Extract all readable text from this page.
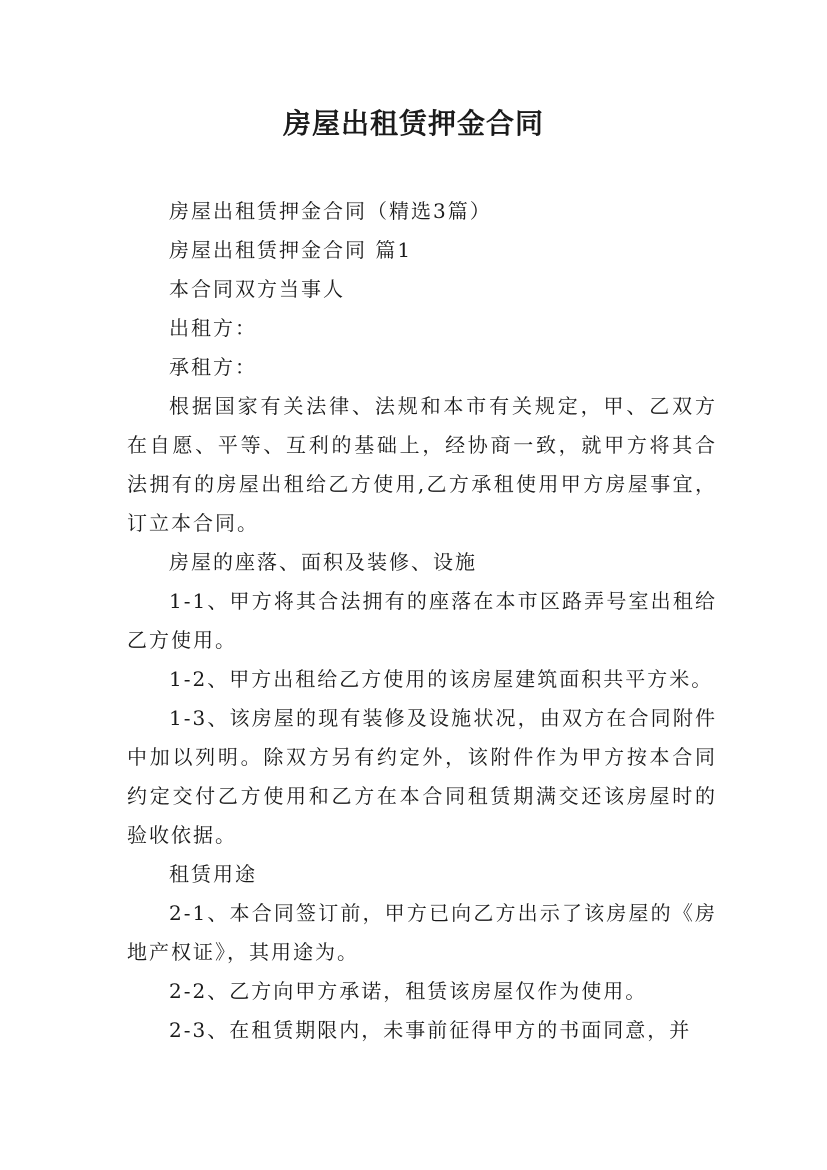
房屋出租赁押金合同

房屋出租赁押金合同（精选3篇）

房屋出租赁押金合同 篇1

本合同双方当事人

出租方：

承租方：

根据国家有关法律、法规和本市有关规定，甲、乙双方在自愿、平等、互利的基础上，经协商一致，就甲方将其合法拥有的房屋出租给乙方使用,乙方承租使用甲方房屋事宜，订立本合同。

房屋的座落、面积及装修、设施

1-1、甲方将其合法拥有的座落在本市区路弄号室出租给乙方使用。

1-2、甲方出租给乙方使用的该房屋建筑面积共平方米。

1-3、该房屋的现有装修及设施状况，由双方在合同附件中加以列明。除双方另有约定外，该附件作为甲方按本合同约定交付乙方使用和乙方在本合同租赁期满交还该房屋时的验收依据。

租赁用途

2-1、本合同签订前，甲方已向乙方出示了该房屋的《房地产权证》，其用途为。

2-2、乙方向甲方承诺，租赁该房屋仅作为使用。

2-3、在租赁期限内，未事前征得甲方的书面同意，并
